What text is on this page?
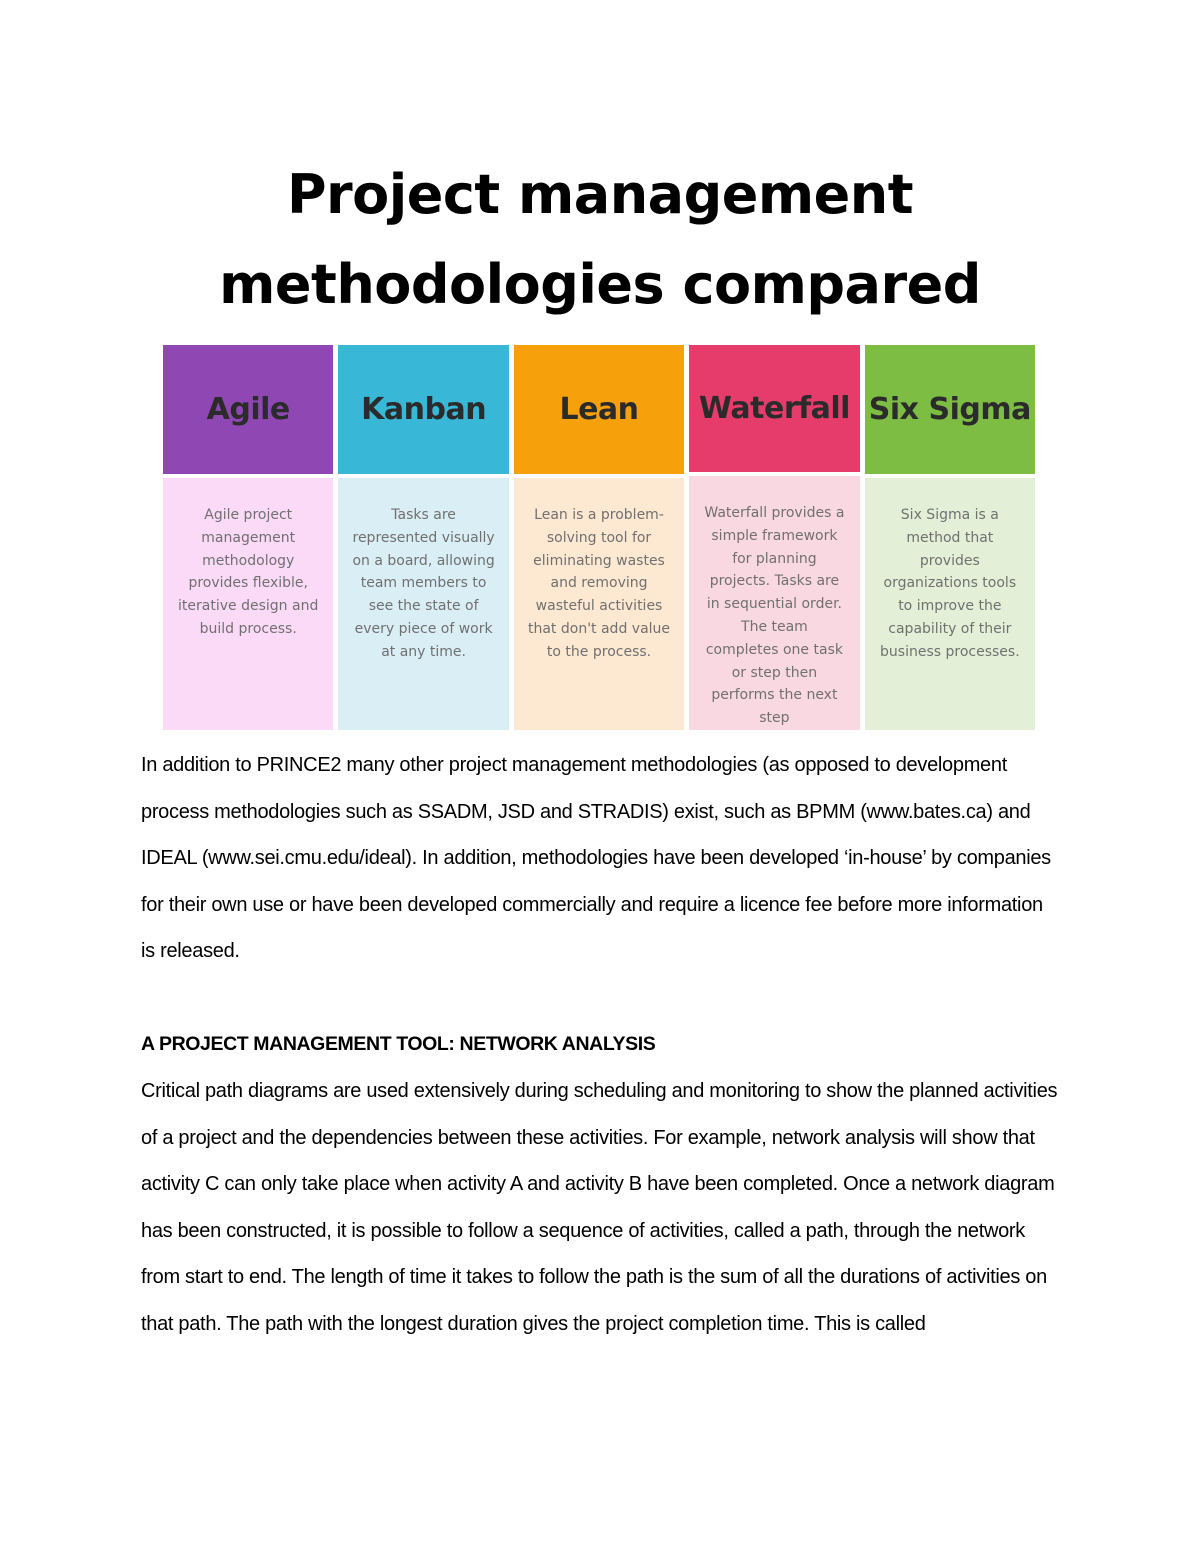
Project management
methodologies compared
Agile
Agile project management methodology provides flexible, iterative design and build process.
Kanban
Tasks are represented visually on a board, allowing team members to see the state of every piece of work at any time.
Lean
Lean is a problem-solving tool for eliminating wastes and removing wasteful activities that don't add value to the process.
Waterfall
Waterfall provides a simple framework for planning projects. Tasks are in sequential order. The team completes one task or step then performs the next step
Six Sigma
Six Sigma is a method that provides organizations tools to improve the capability of their business processes.

In addition to PRINCE2 many other project management methodologies (as opposed to development process methodologies such as SSADM, JSD and STRADIS) exist, such as BPMM (www.bates.ca) and IDEAL (www.sei.cmu.edu/ideal). In addition, methodologies have been developed ‘in-house’ by companies for their own use or have been developed commercially and require a licence fee before more information is released.

A PROJECT MANAGEMENT TOOL: NETWORK ANALYSIS

Critical path diagrams are used extensively during scheduling and monitoring to show the planned activities of a project and the dependencies between these activities. For example, network analysis will show that activity C can only take place when activity A and activity B have been completed. Once a network diagram has been constructed, it is possible to follow a sequence of activities, called a path, through the network from start to end. The length of time it takes to follow the path is the sum of all the durations of activities on that path. The path with the longest duration gives the project completion time. This is called
